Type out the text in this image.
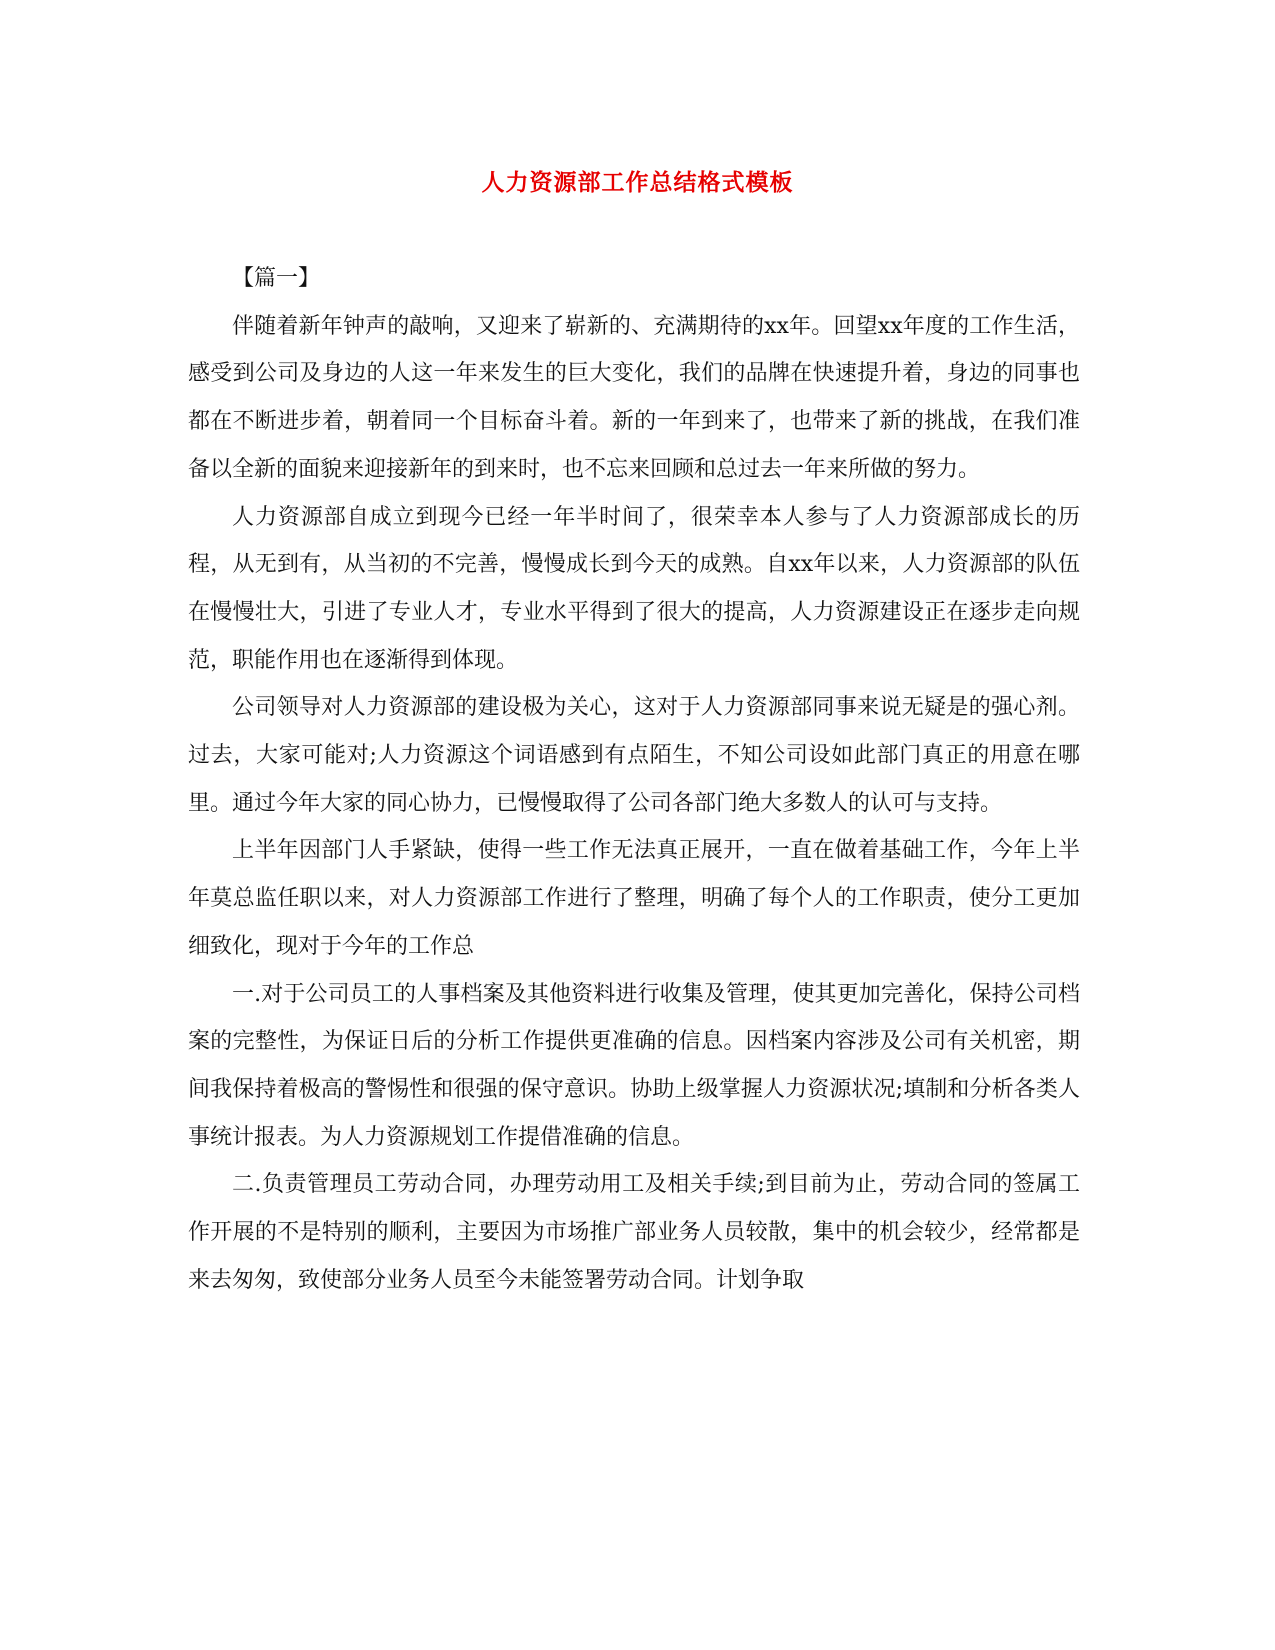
人力资源部工作总结格式模板

【篇一】

伴随着新年钟声的敲响，又迎来了崭新的、充满期待的xx年。回望xx年度的工作生活，感受到公司及身边的人这一年来发生的巨大变化，我们的品牌在快速提升着，身边的同事也都在不断进步着，朝着同一个目标奋斗着。新的一年到来了，也带来了新的挑战，在我们准备以全新的面貌来迎接新年的到来时，也不忘来回顾和总过去一年来所做的努力。

人力资源部自成立到现今已经一年半时间了，很荣幸本人参与了人力资源部成长的历程，从无到有，从当初的不完善，慢慢成长到今天的成熟。自xx年以来，人力资源部的队伍在慢慢壮大，引进了专业人才，专业水平得到了很大的提高，人力资源建设正在逐步走向规范，职能作用也在逐渐得到体现。

公司领导对人力资源部的建设极为关心，这对于人力资源部同事来说无疑是的强心剂。过去，大家可能对;人力资源这个词语感到有点陌生，不知公司设如此部门真正的用意在哪里。通过今年大家的同心协力，已慢慢取得了公司各部门绝大多数人的认可与支持。

上半年因部门人手紧缺，使得一些工作无法真正展开，一直在做着基础工作，今年上半年莫总监任职以来，对人力资源部工作进行了整理，明确了每个人的工作职责，使分工更加细致化，现对于今年的工作总

一.对于公司员工的人事档案及其他资料进行收集及管理，使其更加完善化，保持公司档案的完整性，为保证日后的分析工作提供更准确的信息。因档案内容涉及公司有关机密，期间我保持着极高的警惕性和很强的保守意识。协助上级掌握人力资源状况;填制和分析各类人事统计报表。为人力资源规划工作提借准确的信息。

二.负责管理员工劳动合同，办理劳动用工及相关手续;到目前为止，劳动合同的签属工作开展的不是特别的顺利，主要因为市场推广部业务人员较散，集中的机会较少，经常都是来去匆匆，致使部分业务人员至今未能签署劳动合同。计划争取
